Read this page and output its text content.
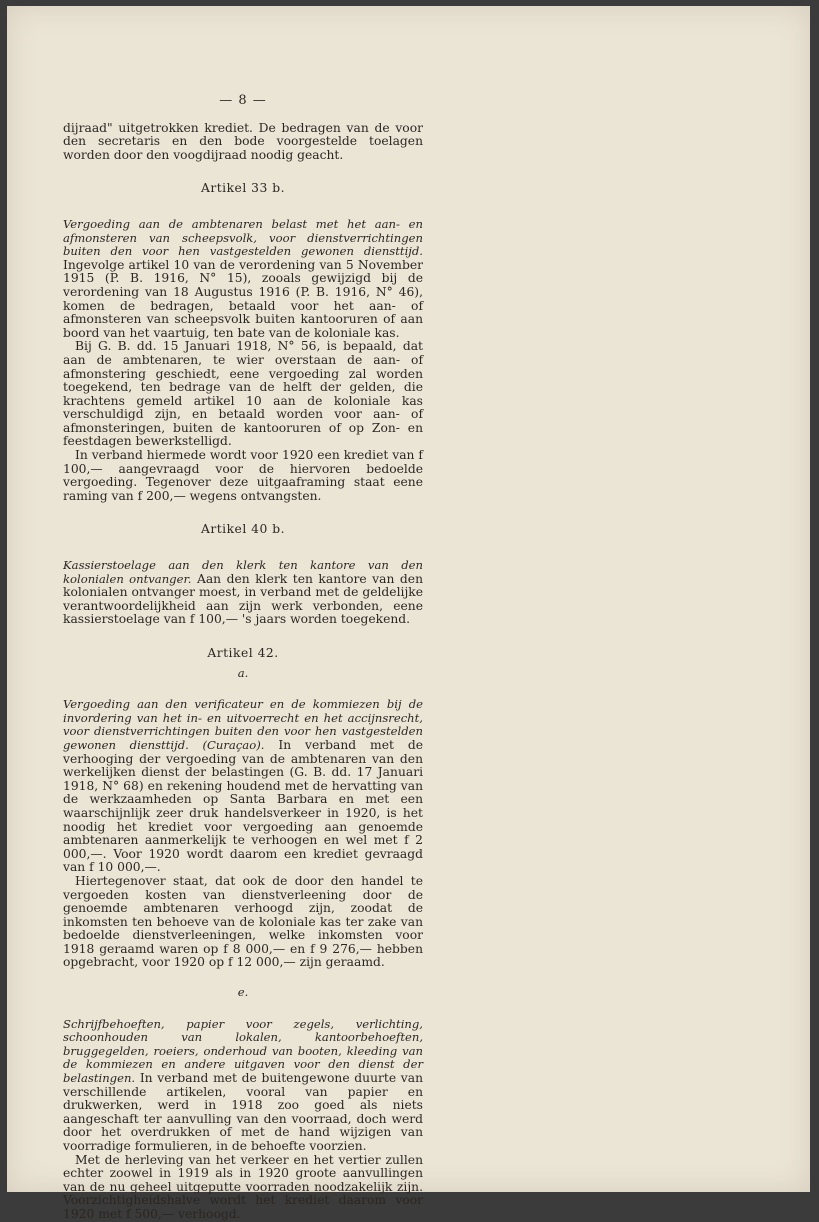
— 8 —

dijraad" uitgetrokken krediet. De bedragen van de voor den secretaris en den bode voorgestelde toelagen worden door den voogdijraad noodig geacht.

Artikel 33 b.

Vergoeding aan de ambtenaren belast met het aan- en afmonsteren van scheepsvolk, voor dienstverrichtingen buiten den voor hen vastgestelden gewonen diensttijd. Ingevolge artikel 10 van de verordening van 5 November 1915 (P. B. 1916, N° 15), zooals gewijzigd bij de verordening van 18 Augustus 1916 (P. B. 1916, N° 46), komen de bedragen, betaald voor het aan- of afmonsteren van scheepsvolk buiten kantooruren of aan boord van het vaartuig, ten bate van de koloniale kas.

Bij G. B. dd. 15 Januari 1918, N° 56, is bepaald, dat aan de ambtenaren, te wier overstaan de aan- of afmonstering geschiedt, eene vergoeding zal worden toegekend, ten bedrage van de helft der gelden, die krachtens gemeld artikel 10 aan de koloniale kas verschuldigd zijn, en betaald worden voor aan- of afmonsteringen, buiten de kantooruren of op Zon- en feestdagen bewerkstelligd.

In verband hiermede wordt voor 1920 een krediet van f 100,— aangevraagd voor de hiervoren bedoelde vergoeding. Tegenover deze uitgaaframing staat eene raming van f 200,— wegens ontvangsten.

Artikel 40 b.

Kassierstoelage aan den klerk ten kantore van den kolonialen ontvanger. Aan den klerk ten kantore van den kolonialen ontvanger moest, in verband met de geldelijke verantwoordelijkheid aan zijn werk verbonden, eene kassierstoelage van f 100,— 's jaars worden toegekend.

Artikel 42.
a.

Vergoeding aan den verificateur en de kommiezen bij de invordering van het in- en uitvoerrecht en het accijnsrecht, voor dienstverrichtingen buiten den voor hen vastgestelden gewonen diensttijd. (Curaçao). In verband met de verhooging der vergoeding van de ambtenaren van den werkelijken dienst der belastingen (G. B. dd. 17 Januari 1918, N° 68) en rekening houdend met de hervatting van de werkzaamheden op Santa Barbara en met een waarschijnlijk zeer druk handelsverkeer in 1920, is het noodig het krediet voor vergoeding aan genoemde ambtenaren aanmerkelijk te verhoogen en wel met f 2 000,—. Voor 1920 wordt daarom een krediet gevraagd van f 10 000,—.

Hiertegenover staat, dat ook de door den handel te vergoeden kosten van dienstverleening door de genoemde ambtenaren verhoogd zijn, zoodat de inkomsten ten behoeve van de koloniale kas ter zake van bedoelde dienstverleeningen, welke inkomsten voor 1918 geraamd waren op f 8 000,— en f 9 276,— hebben opgebracht, voor 1920 op f 12 000,— zijn geraamd.

e.

Schrijfbehoeften, papier voor zegels, verlichting, schoonhouden van lokalen, kantoorbehoeften, bruggegelden, roeiers, onderhoud van booten, kleeding van de kommiezen en andere uitgaven voor den dienst der belastingen. In verband met de buitengewone duurte van verschillende artikelen, vooral van papier en drukwerken, werd in 1918 zoo goed als niets aangeschaft ter aanvulling van den voorraad, doch werd door het overdrukken of met de hand wijzigen van voorradige formulieren, in de behoefte voorzien.

Met de herleving van het verkeer en het vertier zullen echter zoowel in 1919 als in 1920 groote aanvullingen van de nu geheel uitgeputte voorraden noodzakelijk zijn. Voorzichtigheidshalve wordt het krediet daarom voor 1920 met f 500,— verhoogd.
